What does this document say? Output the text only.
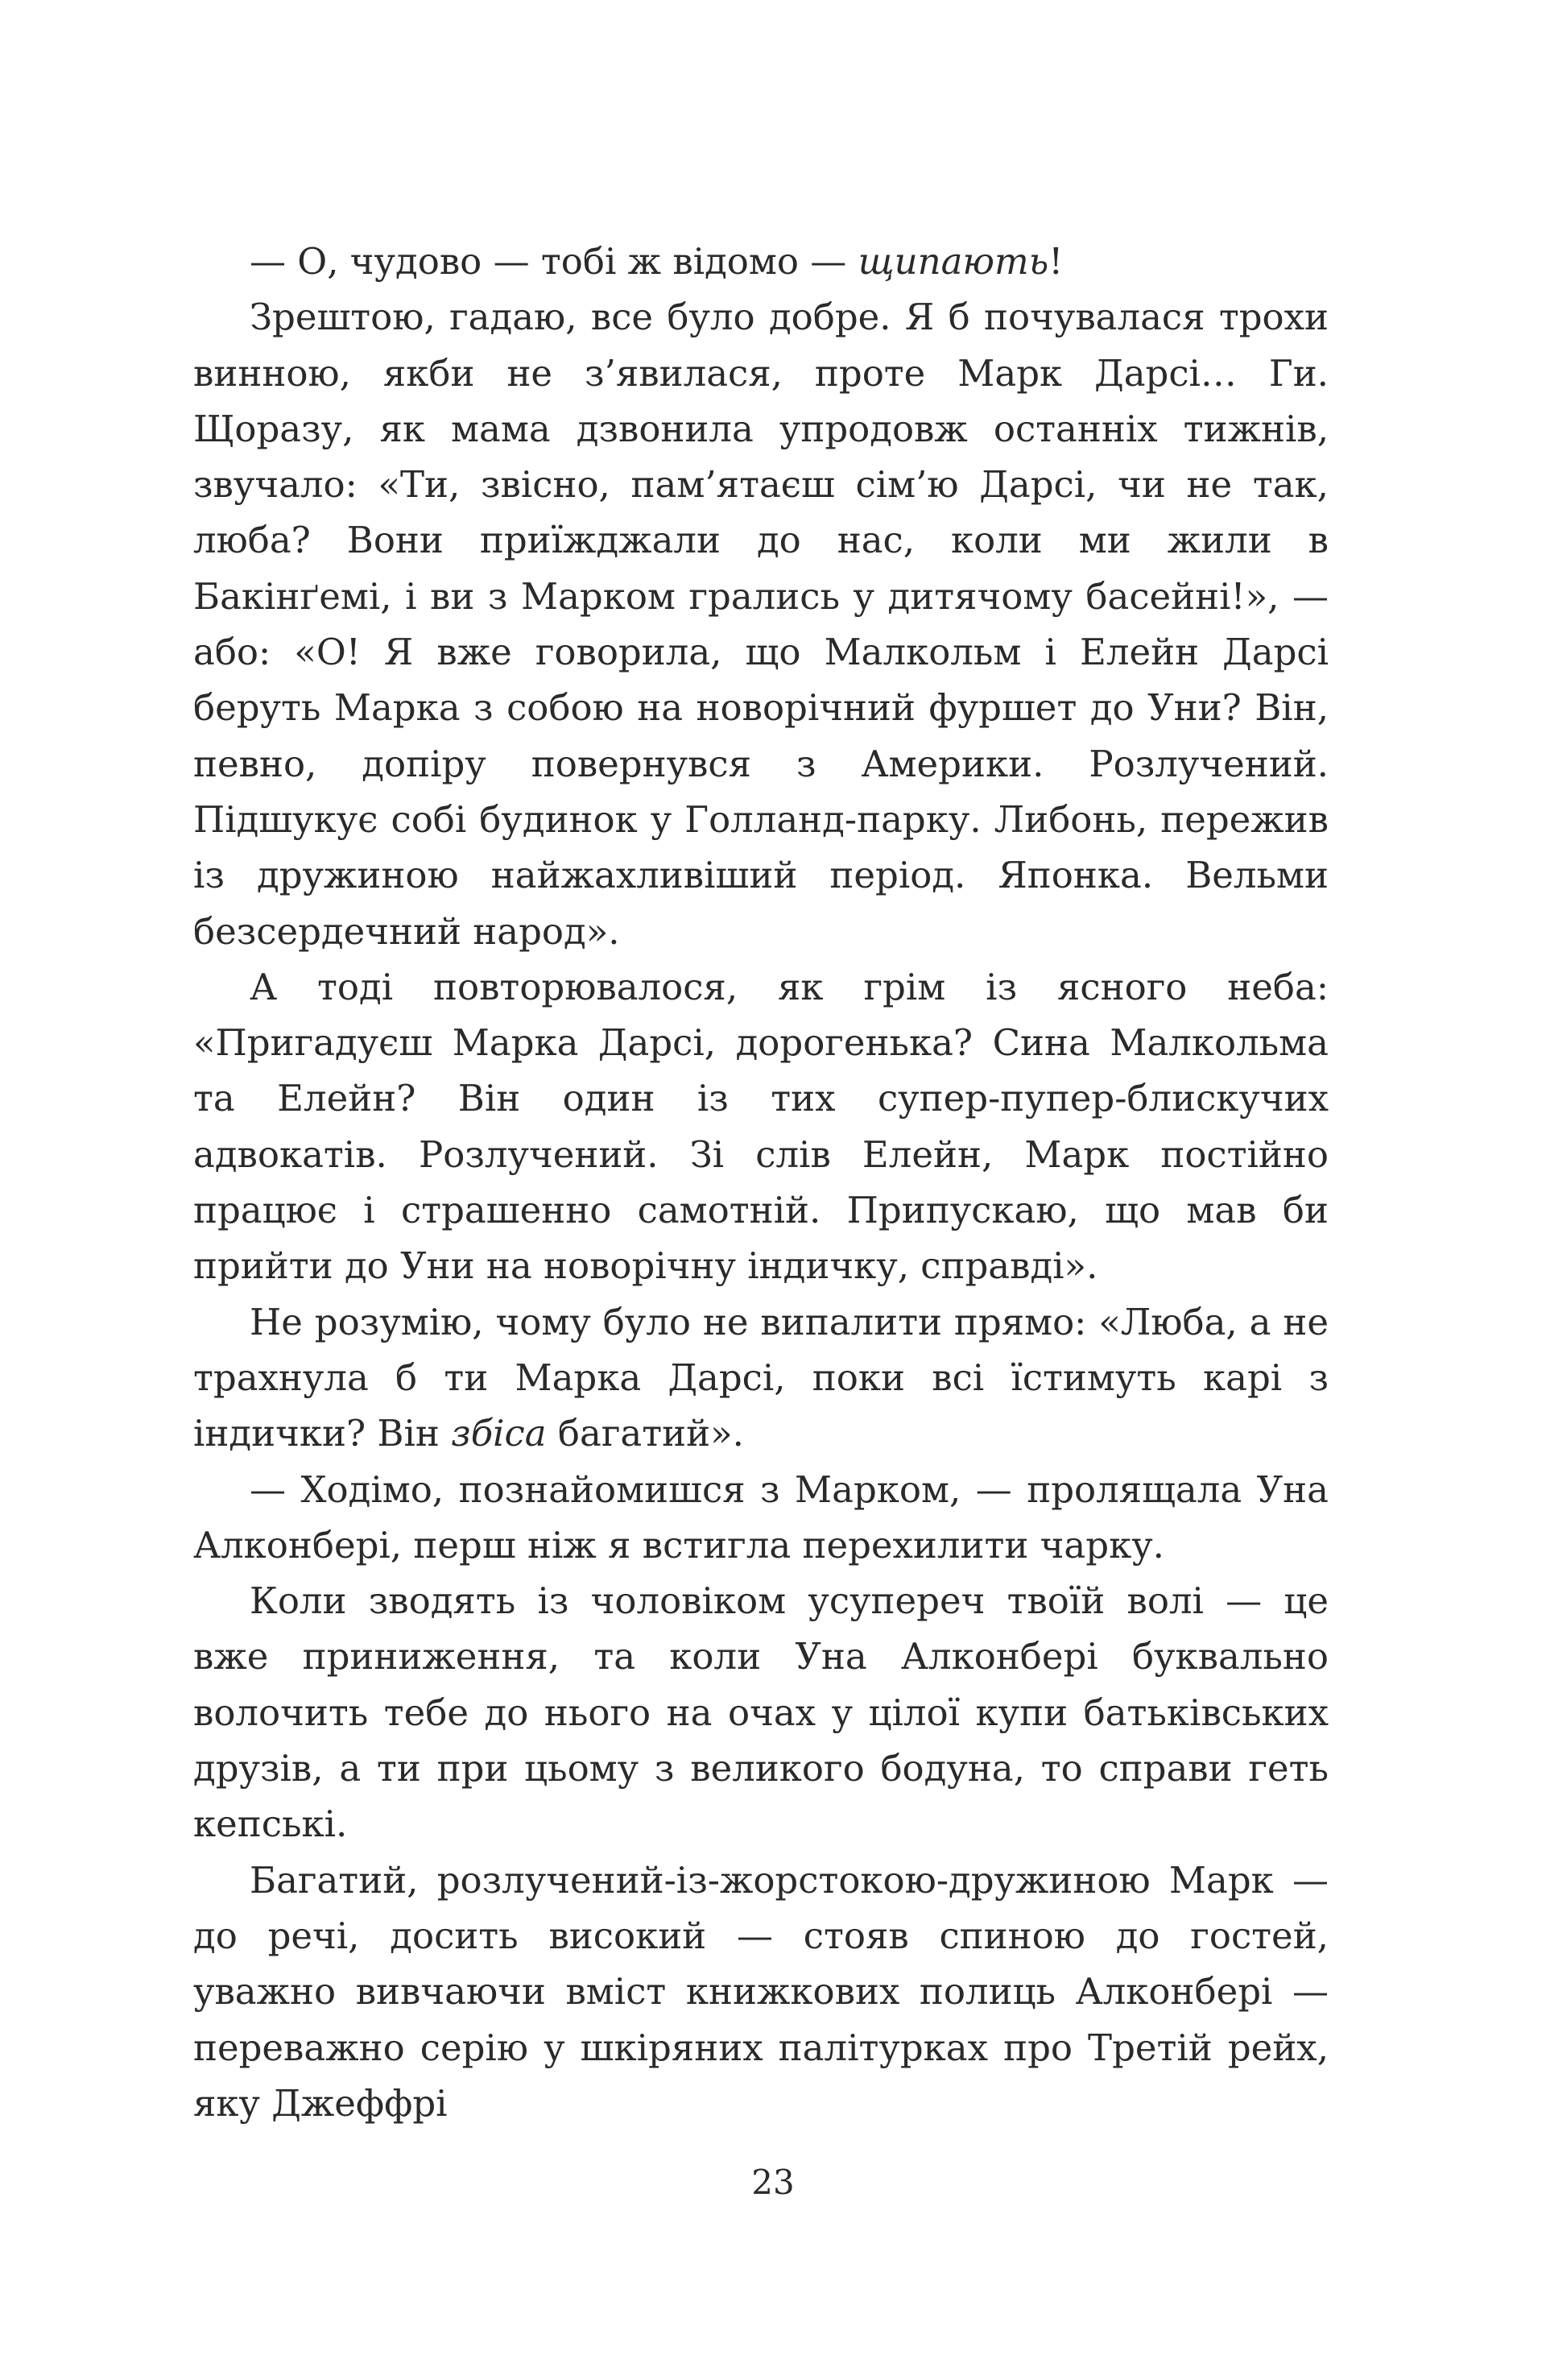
— О, чудово — тобі ж відомо — щипають!

Зрештою, гадаю, все було добре. Я б почувалася трохи винною, якби не з’явилася, проте Марк Дарсі… Ги. Щоразу, як мама дзвонила упродовж останніх тижнів, звучало: «Ти, звісно, пам’ятаєш сім’ю Дарсі, чи не так, люба? Вони приїжджали до нас, коли ми жили в Бакінґемі, і ви з Марком грались у дитячому басейні!», — або: «О! Я вже говорила, що Малкольм і Елейн Дарсі беруть Марка з собою на новорічний фуршет до Уни? Він, певно, допіру повернувся з Америки. Розлучений. Підшукує собі будинок у Голланд-парку. Либонь, пережив із дружиною найжахливіший період. Японка. Вельми безсердечний народ».

А тоді повторювалося, як грім із ясного неба: «Пригадуєш Марка Дарсі, дорогенька? Сина Малкольма та Елейн? Він один із тих супер-пупер-блискучих адвокатів. Розлучений. Зі слів Елейн, Марк постійно працює і страшенно самотній. Припускаю, що мав би прийти до Уни на новорічну індичку, справді».

Не розумію, чому було не випалити прямо: «Люба, а не трахнула б ти Марка Дарсі, поки всі їстимуть карі з індички? Він збіса багатий».

— Ходімо, познайомишся з Марком, — пролящала Уна Алконбері, перш ніж я встигла перехилити чарку.

Коли зводять із чоловіком усупереч твоїй волі — це вже приниження, та коли Уна Алконбері буквально волочить тебе до нього на очах у цілої купи батьківських друзів, а ти при цьому з великого бодуна, то справи геть кепські.

Багатий, розлучений-із-жорстокою-дружиною Марк — до речі, досить високий — стояв спиною до гостей, уважно вивчаючи вміст книжкових полиць Алконбері — переважно серію у шкіряних палітурках про Третій рейх, яку Джеффрі

23
